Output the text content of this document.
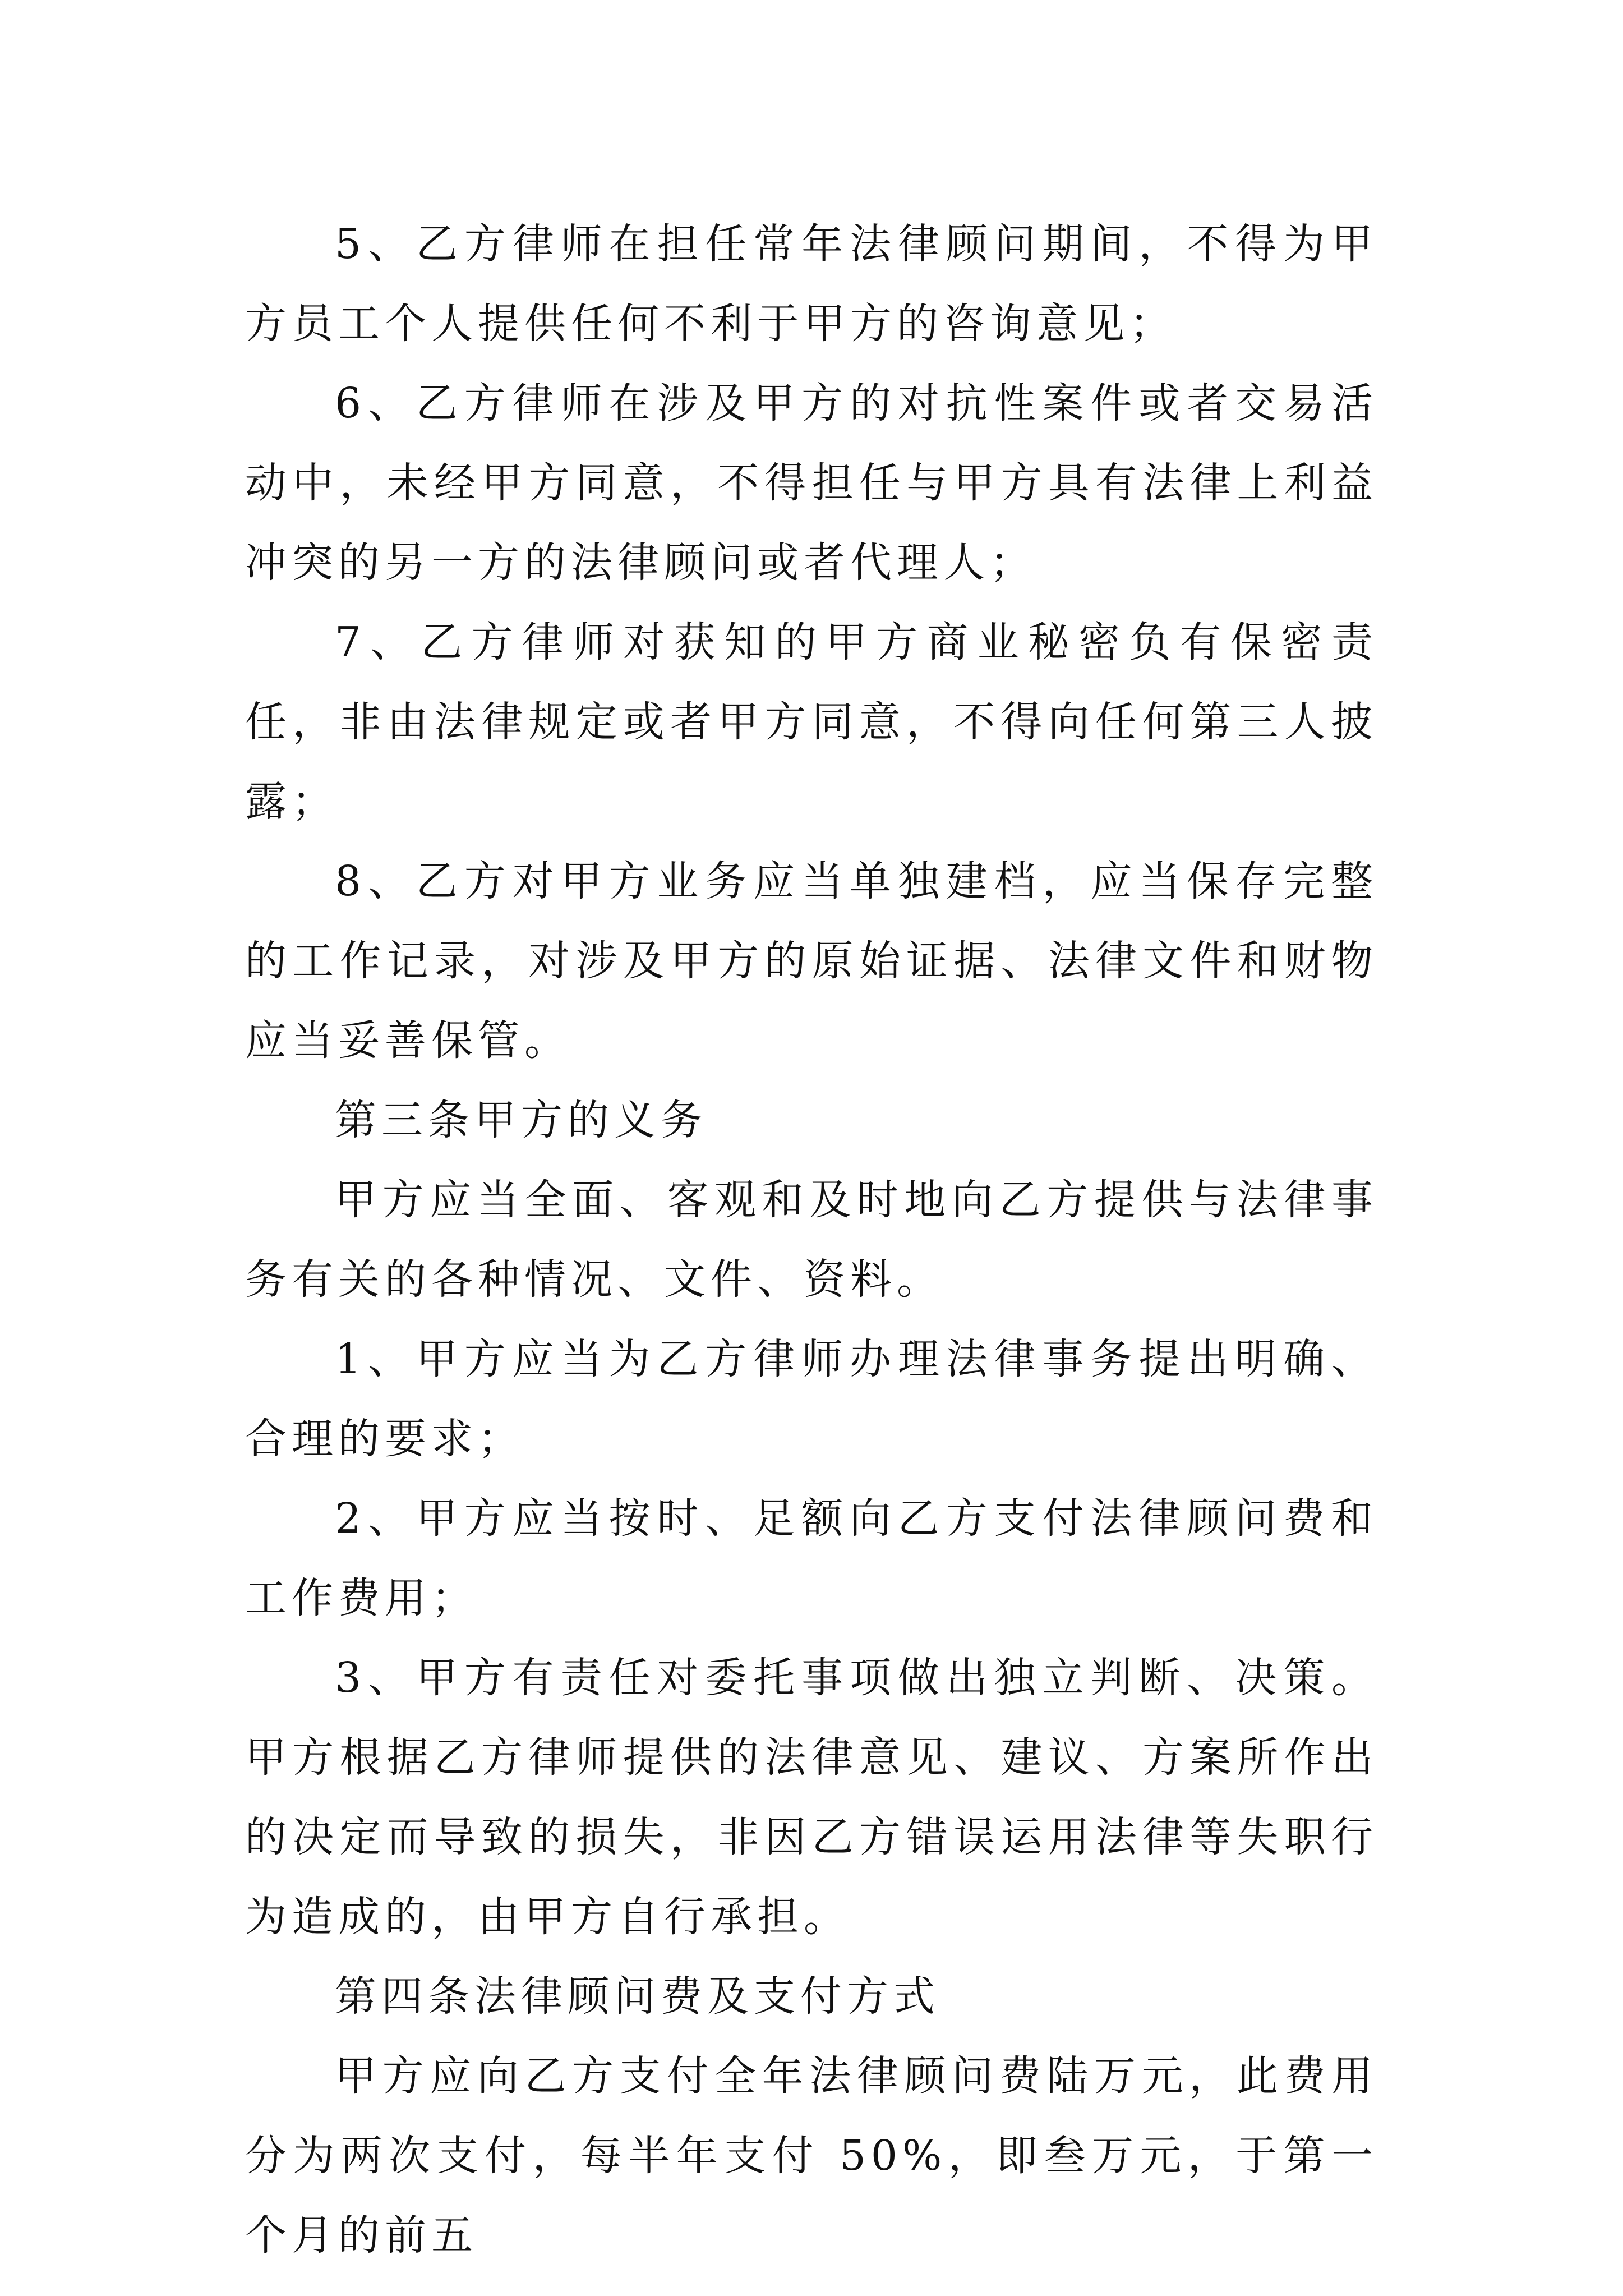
5、乙方律师在担任常年法律顾问期间，不得为甲方员工个人提供任何不利于甲方的咨询意见；

6、乙方律师在涉及甲方的对抗性案件或者交易活动中，未经甲方同意，不得担任与甲方具有法律上利益冲突的另一方的法律顾问或者代理人；

7、乙方律师对获知的甲方商业秘密负有保密责任，非由法律规定或者甲方同意，不得向任何第三人披露；

8、乙方对甲方业务应当单独建档，应当保存完整的工作记录，对涉及甲方的原始证据、法律文件和财物应当妥善保管。

第三条甲方的义务

甲方应当全面、客观和及时地向乙方提供与法律事务有关的各种情况、文件、资料。

1、甲方应当为乙方律师办理法律事务提出明确、合理的要求；

2、甲方应当按时、足额向乙方支付法律顾问费和工作费用；

3、甲方有责任对委托事项做出独立判断、决策。甲方根据乙方律师提供的法律意见、建议、方案所作出的决定而导致的损失，非因乙方错误运用法律等失职行为造成的，由甲方自行承担。

第四条法律顾问费及支付方式

甲方应向乙方支付全年法律顾问费陆万元，此费用分为两次支付，每半年支付 50%，即叁万元，于第一个月的前五
